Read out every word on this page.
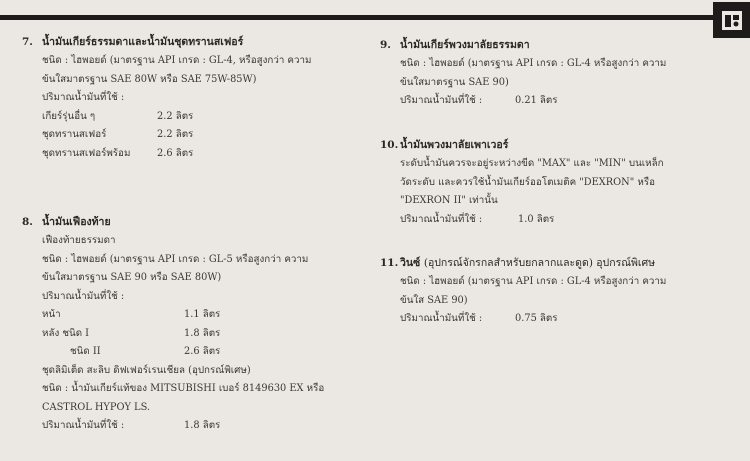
7. น้ำมันเกียร์ธรรมดาและน้ำมันชุดทรานสเฟอร์
ชนิด : ไฮพอยด์ (มาตรฐาน API เกรด : GL-4, หรือสูงกว่า ความ
ข้นใสมาตรฐาน SAE 80W หรือ SAE 75W-85W)
ปริมาณน้ำมันที่ใช้ :
เกียร์รุ่นอื่น ๆ	2.2 ลิตร
ชุดทรานสเฟอร์	2.2 ลิตร
ชุดทรานสเฟอร์พร้อม	2.6 ลิตร
8. น้ำมันเฟืองท้าย
เฟืองท้ายธรรมดา
ชนิด : ไฮพอยด์ (มาตรฐาน API เกรด : GL-5 หรือสูงกว่า ความ
ข้นใสมาตรฐาน SAE 90 หรือ SAE 80W)
ปริมาณน้ำมันที่ใช้ :
หน้า	1.1 ลิตร
หลัง ชนิด I	1.8 ลิตร
ชนิด II	2.6 ลิตร
ชุดลิมิเต็ด สะลิบ ดิฟเฟอร์เรนเชียล (อุปกรณ์พิเศษ)
ชนิด : น้ำมันเกียร์แท้ของ MITSUBISHI เบอร์ 8149630 EX หรือ
CASTROL HYPOY LS.
ปริมาณน้ำมันที่ใช้ :	1.8 ลิตร
9. น้ำมันเกียร์พวงมาลัยธรรมดา
ชนิด : ไฮพอยด์ (มาตรฐาน API เกรด : GL-4 หรือสูงกว่า ความ
ข้นใสมาตรฐาน SAE 90)
ปริมาณน้ำมันที่ใช้ :	0.21 ลิตร
10. น้ำมันพวงมาลัยเพาเวอร์
ระดับน้ำมันควรจะอยู่ระหว่างขีด "MAX" และ "MIN" บนเหล็ก
วัดระดับ และควรใช้น้ำมันเกียร์ออโตเมติค "DEXRON" หรือ
"DEXRON II" เท่านั้น
ปริมาณน้ำมันที่ใช้ :	1.0 ลิตร
11. วินซ์ (อุปกรณ์จักรกลสำหรับยกลากและดูด) อุปกรณ์พิเศษ
ชนิด : ไฮพอยด์ (มาตรฐาน API เกรด : GL-4 หรือสูงกว่า ความ
ข้นใส SAE 90)
ปริมาณน้ำมันที่ใช้ :	0.75 ลิตร
